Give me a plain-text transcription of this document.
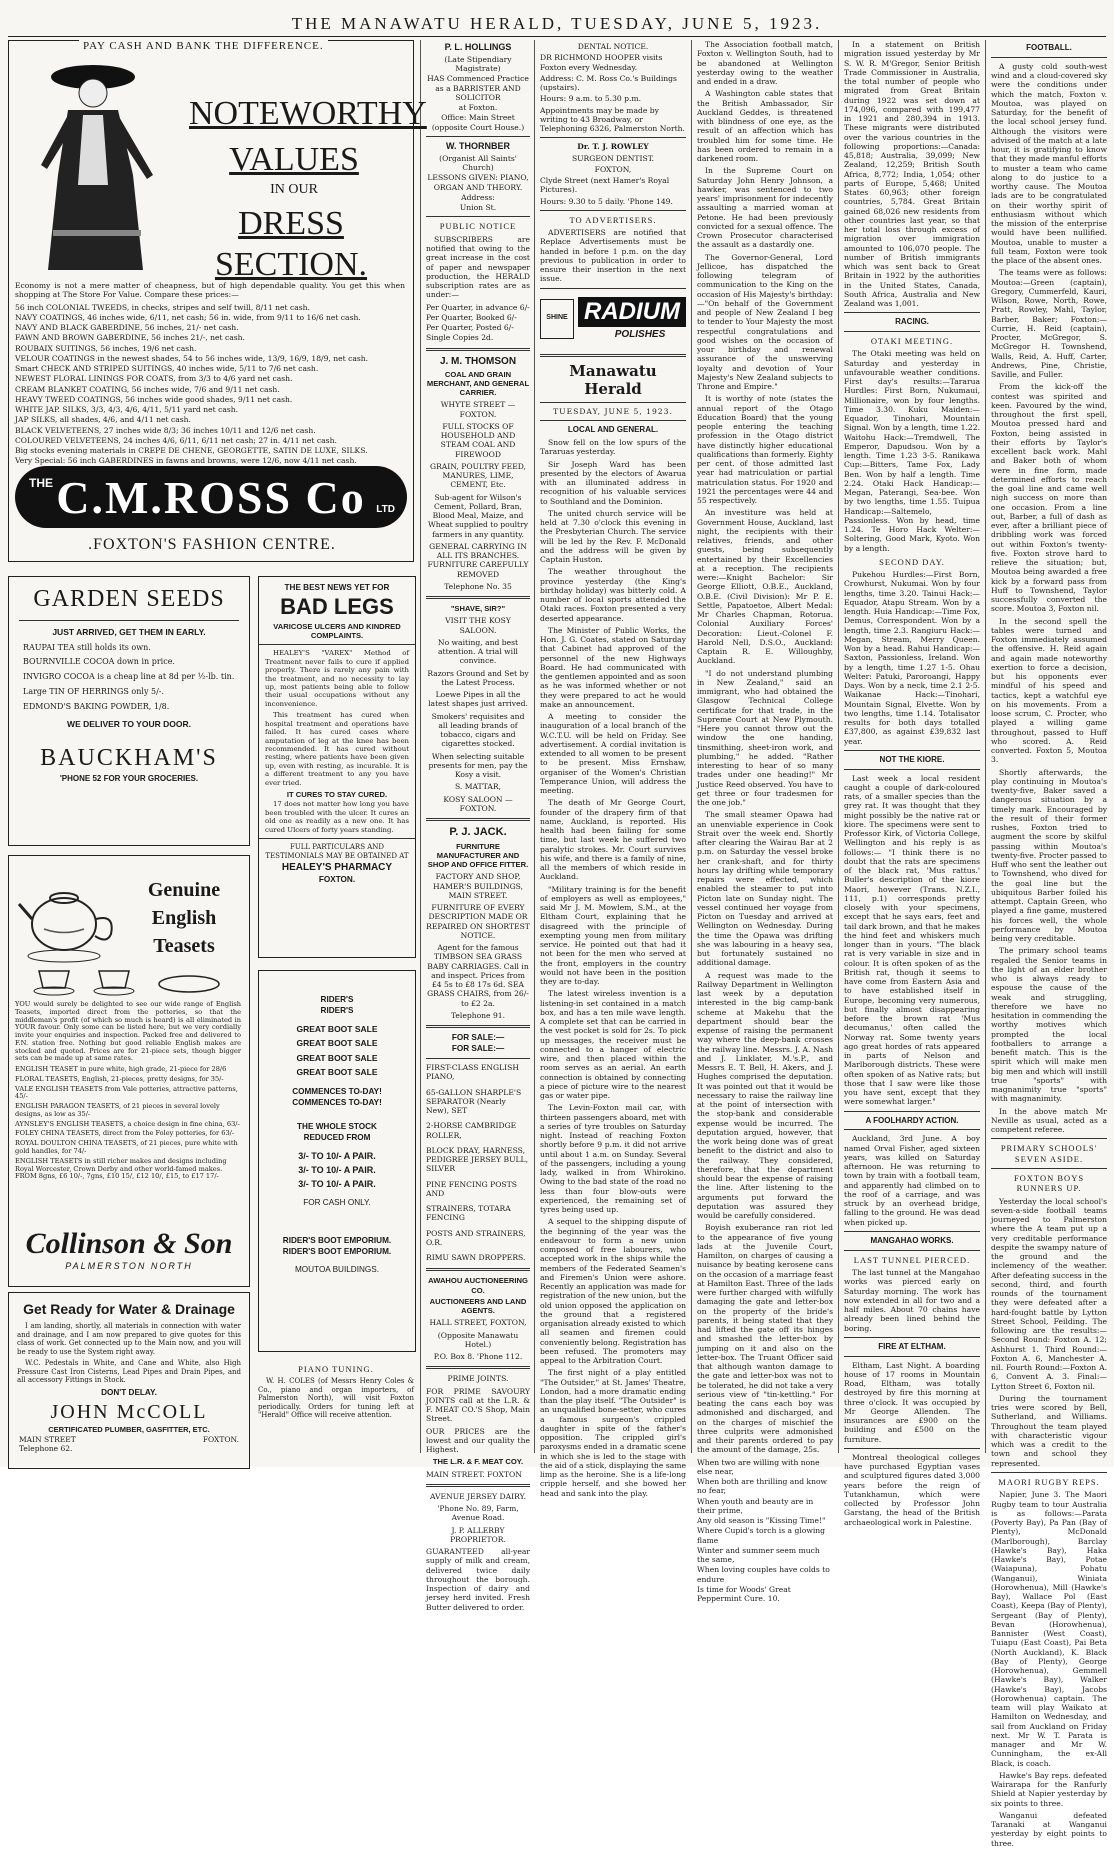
THE MANAWATU HERALD, TUESDAY, JUNE 5, 1923.
PAY CASH AND BANK THE DIFFERENCE.
NOTEWORTHY
VALUES
IN OUR
DRESS SECTION.

Economy is not a mere matter of cheapness, but of high dependable quality. You get this when shopping at The Store For Value. Compare these prices:—

56 inch COLONIAL TWEEDS, in checks, stripes and self twill, 8/11 net cash.
NAVY COATINGS, 46 inches wide, 6/11, net cash; 56 in. wide, from 9/11 to 16/6 net cash.
NAVY AND BLACK GABERDINE, 56 inches, 21/- net cash.
FAWN AND BROWN GABERDINE, 56 inches 21/-, net cash.
ROUBAIX SUITINGS, 56 inches, 19/6 net cash.
VELOUR COATINGS in the newest shades, 54 to 56 inches wide, 13/9, 16/9, 18/9, net cash.
Smart CHECK AND STRIPED SUITINGS, 40 inches wide, 5/11 to 7/6 net cash.
NEWEST FLORAL LININGS FOR COATS, from 3/3 to 4/6 yard net cash.
CREAM BLANKET COATING, 56 inches wide, 7/6 and 9/11 net cash.
HEAVY TWEED COATINGS, 56 inches wide good shades, 9/11 net cash.
WHITE JAP. SILKS, 3/3, 4/3, 4/6, 4/11, 5/11 yard net cash.
JAP SILKS, all shades, 4/6, and 4/11 net cash.
BLACK VELVETEENS, 27 inches wide 8/3; 36 inches 10/11 and 12/6 net cash.
COLOURED VELVETEENS, 24 inches 4/6, 6/11, 6/11 net cash; 27 in. 4/11 net cash.
Big stocks evening materials in CREPE DE CHENE, GEORGETTE, SATIN DE LUXE, SILKS.
Very Special: 56 inch GABERDINES in fawns and browns, were 12/6, now 4/11 net cash.
THE C.M.ROSS Co	LTD
.FOXTON'S FASHION CENTRE.
GARDEN SEEDS
JUST ARRIVED, GET THEM IN EARLY.
RAUPAI TEA still holds its own.
BOURNVILLE COCOA down in price.
INVIGRO COCOA is a cheap line at 8d per ½-lb. tin.
Large TIN OF HERRINGS only 5/-.
EDMOND'S BAKING POWDER, 1/8.
WE DELIVER TO YOUR DOOR.
BAUCKHAM'S
'PHONE 52 FOR YOUR GROCERIES.
Genuine
English
Teasets

YOU would surely be delighted to see our wide range of English Teasets, imported direct from the potteries, so that the middleman's profit (of which so much is heard) is all eliminated in YOUR favour. Only some can be listed here, but we very cordially invite your enquiries and inspection. Packed free and delivered to F.N. station free. Nothing but good reliable English makes are stocked and quoted. Prices are for 21-piece sets, though bigger sets can be made up at same rates.

ENGLISH TEASET in pure white, high grade, 21-piece for 28/6
FLORAL TEASETS, English, 21-pieces, pretty designs, for 35/-
VALE ENGLISH TEASETS from Vale potteries, attractive patterns, 45/-
ENGLISH PARAGON TEASETS, of 21 pieces in several lovely designs, as low as 35/-
AYNSLEY'S ENGLISH TEASETS, a choice design in fine china, 63/-
FOLEY CHINA TEASETS, direct from the Foley potteries, for 63/-
ROYAL DOULTON CHINA TEASETS, of 21 pieces, pure white with gold handles, for 74/-
ENGLISH TEASETS in still richer makes and designs including Royal Worcester, Crown Derby and other world-famed makes. FROM 8gns, £6 10/-, 7gns, £10 15/, £12 10/, £15, to £17 17/-
Collinson & Son
PALMERSTON NORTH
Get Ready for Water & Drainage

I am landing, shortly, all materials in connection with water and drainage, and I am now prepared to give quotes for this class of work. Get connected up to the Main now, and you will be ready to use the System right away.

W.C. Pedestals in White, and Cane and White, also High Pressure Cast Iron Cisterns, Lead Pipes and Drain Pipes, and all accessory Fittings in Stock.

DON'T DELAY.
JOHN McCOLL
CERTIFICATED PLUMBER, GASFITTER, ETC.
MAIN STREET	FOXTON.
Telephone 62.
THE BEST NEWS YET FOR
BAD LEGS
VARICOSE ULCERS AND KINDRED COMPLAINTS.

HEALEY'S "VAREX" Method of Treatment never fails to cure if applied properly. There is rarely any pain with the treatment, and no necessity to lay up, most patients being able to follow their usual occupations without any inconvenience.

This treatment has cured when hospital treatment and operations have failed. It has cured cases where amputation of leg at the knee has been recommended. It has cured without resting, where patients have been given up, even with resting, as incurable. It is a different treatment to any you have ever tried.

IT CURES TO STAY CURED.

17 does not matter how long you have been troubled with the ulcer. It cures an old one as readily as a new one. It has cured Ulcers of forty years standing.

FULL PARTICULARS AND TESTIMONIALS MAY BE OBTAINED AT
HEALEY'S PHARMACY
FOXTON.
RIDER'S
RIDER'S
GREAT BOOT SALE
GREAT BOOT SALE
GREAT BOOT SALE
GREAT BOOT SALE
COMMENCES TO-DAY!
COMMENCES TO-DAY!
THE WHOLE STOCK
REDUCED FROM
3/- TO 10/- A PAIR.
3/- TO 10/- A PAIR.
3/- TO 10/- A PAIR.
FOR CASH ONLY.
RIDER'S BOOT EMPORIUM.
RIDER'S BOOT EMPORIUM.
MOUTOA BUILDINGS.
PIANO TUNING.

W. H. COLES (of Messrs Henry Coles & Co., piano and organ importers, of Palmerston North), will visit Foxton periodically. Orders for tuning left at "Herald" Office will receive attention.

P. L. HOLLINGS
(Late Stipendiary Magistrate)
HAS Commenced Practice as a BARRISTER AND SOLICITOR
at Foxton.
Office: Main Street (opposite Court House.)
W. THORNBER
(Organist All Saints' Church)
LESSONS GIVEN: PIANO, ORGAN AND THEORY.
Address:
Union St.
PUBLIC NOTICE

SUBSCRIBERS are notified that owing to the great increase in the cost of paper and newspaper production, the HERALD subscription rates are as under:—

Per Quarter, in advance 6/-
Per Quarter, Booked 6/-
Per Quarter, Posted 6/-
Single Copies 2d.
J. M. THOMSON
COAL AND GRAIN MERCHANT, AND GENERAL CARRIER.
WHYTE STREET — FOXTON.
FULL STOCKS OF HOUSEHOLD AND STEAM COAL AND FIREWOOD
GRAIN, POULTRY FEED, MANURES, LIME, CEMENT, Etc.
Sub-agent for Wilson's Cement, Pollard, Bran, Blood Meal, Maize, and Wheat supplied to poultry farmers in any quantity.
GENERAL CARRYING IN ALL ITS BRANCHES. FURNITURE CAREFULLY REMOVED
Telephone No. 35
"SHAVE, SIR?"
VISIT THE KOSY SALOON.
No waiting, and best attention. A trial will convince.
Razors Ground and Set by the Latest Process.
Loewe Pipes in all the latest shapes just arrived.
Smokers' requisites and all leading brands of tobacco, cigars and cigarettes stocked.
When selecting suitable presents for men, pay the Kosy a visit.
S. MATTAR,
KOSY SALOON — FOXTON.
P. J. JACK.
FURNITURE MANUFACTURER AND SHOP AND OFFICE FITTER.
FACTORY AND SHOP, HAMER'S BUILDINGS, MAIN STREET.
FURNITURE OF EVERY DESCRIPTION MADE OR REPAIRED ON SHORTEST NOTICE.
Agent for the famous TIMBSON SEA GRASS BABY CARRIAGES. Call in and inspect. Prices from £4 5s to £8 17s 6d. SEA GRASS CHAIRS, from 26/- to £2 2a.
Telephone 91.
FOR SALE:—
FOR SALE:—
FIRST-CLASS ENGLISH PIANO,
65-GALLON SHARPLE'S SEPARATOR (Nearly New), SET
2-HORSE CAMBRIDGE ROLLER,
BLOCK DRAY, HARNESS, PEDIGREE JERSEY BULL, SILVER
PINE FENCING POSTS AND
STRAINERS, TOTARA FENCING
POSTS AND STRAINERS, O.R.
RIMU SAWN DROPPERS.
AWAHOU AUCTIONEERING CO.
AUCTIONEERS AND LAND AGENTS.
HALL STREET, FOXTON,
(Opposite Manawatu Hotel.)
P.O. Box 8. 'Phone 112.
PRIME JOINTS.
FOR PRIME SAVOURY JOINTS call at the L.R. & F. MEAT CO.'S Shop, Main Street.
OUR PRICES are the lowest and our quality the Highest.
THE L.R. & F. MEAT COY.
MAIN STREET. FOXTON
AVENUE JERSEY DAIRY.
'Phone No. 89, Farm, Avenue Road.
J. P. ALLERBY PROPRIETOR.
GUARANTEED all-year supply of milk and cream, delivered twice daily throughout the borough. Inspection of dairy and jersey herd invited. Fresh Butter delivered to order.
DENTAL NOTICE.
DR RICHMOND HOOPER visits Foxton every Wednesday.
Address: C. M. Ross Co.'s Buildings (upstairs).
Hours: 9 a.m. to 5.30 p.m.
Appointments may be made by writing to 43 Broadway, or Telephoning 6326, Palmerston North.
Dr. T. J. ROWLEY
SURGEON DENTIST.
FOXTON,
Clyde Street (next Hamer's Royal Pictures).
Hours: 9.30 to 5 daily. 'Phone 149.
TO ADVERTISERS.

ADVERTISERS are notified that Replace Advertisements must be handed in before 1 p.m. on the day previous to publication in order to ensure their insertion in the next issue.

SHINE RADIUM
POLISHES
Manawatu Herald
TUESDAY, JUNE 5, 1923.
LOCAL AND GENERAL.

Snow fell on the low spurs of the Tararuas yesterday.

Sir Joseph Ward has been presented by the electors of Awarua with an illuminated address in recognition of his valuable services to Southland and the Dominion.

The united church service will be held at 7.30 o'clock this evening in the Presbyterian Church. The service will be led by the Rev. F. McDonald and the address will be given by Captain Huston.

The weather throughout the province yesterday (the King's birthday holiday) was bitterly cold. A number of local sports attended the Otaki races. Foxton presented a very deserted appearance.

The Minister of Public Works, the Hon. J. G. Coates, stated on Saturday that Cabinet had approved of the personnel of the new Highways Board. He had communicated with the gentlemen appointed and as soon as he was informed whether or not they were prepared to act he would make an announcement.

A meeting to consider the inauguration of a local branch of the W.C.T.U. will be held on Friday. See advertisement. A cordial invitation is extended to all women to be present to be present. Miss Ernshaw, organiser of the Women's Christian Temperance Union, will address the meeting.

The death of Mr George Court, founder of the drapery firm of that name, Auckland, is reported. His health had been failing for some time, but last week he suffered two paralytic strokes. Mr. Court survives his wife, and there is a family of nine, all the members of which reside in Auckland.

"Military training is for the benefit of employers as well as employees," said Mr J. M. Mowlem, S.M., at the Eltham Court, explaining that he disagreed with the principle of exempting young men from military service. He pointed out that had it not been for the men who served at the front, employers in the country would not have been in the position they are to-day.

The latest wireless invention is a listening-in set contained in a match box, and has a ten mile wave length. A complete set that can be carried in the vest pocket is sold for 2s. To pick up messages, the receiver must be connected to a hanger of electric wire, and then placed within the room serves as an aerial. An earth connection is obtained by connecting a piece of picture wire to the nearest gas or water pipe.

The Levin-Foxton mail car, with thirteen passengers aboard, met with a series of tyre troubles on Saturday night. Instead of reaching Foxton shortly before 9 p.m. it did not arrive until about 1 a.m. on Sunday. Several of the passengers, including a young lady, walked in from Whirokino. Owing to the bad state of the road no less than four blow-outs were experienced, the remaining set of tyres being used up.

A sequel to the shipping dispute of the beginning of the year was the endeavour to form a new union composed of free labourers, who accepted work in the ships while the members of the Federated Seamen's and Firemen's Union were ashore. Recently an application was made for registration of the new union, but the old union opposed the application on the ground that a registered organisation already existed to which all seamen and firemen could conveniently belong. Registration has been refused. The promoters may appeal to the Arbitration Court.

The first night of a play entitled "The Outsider," at St. James' Theatre, London, had a more dramatic ending than the play itself. "The Outsider" is an unqualified bone-setter, who cures a famous surgeon's crippled daughter in spite of the father's opposition. The crippled girl's paroxysms ended in a dramatic scene in which she is led to the stage with the aid of a stick, displaying the same limp as the heroine. She is a life-long cripple herself, and she bowed her head and sank into the play.

The Association football match, Foxton v. Wellington South, had to be abandoned at Wellington yesterday owing to the weather and ended in a draw.

A Washington cable states that the British Ambassador, Sir Auckland Geddes, is threatened with blindness of one eye, as the result of an affection which has troubled him for some time. He has been ordered to remain in a darkened room.

In the Supreme Court on Saturday John Henry Johnson, a hawker, was sentenced to two years' imprisonment for indecently assaulting a married woman at Petone. He had been previously convicted for a sexual offence. The Crown Prosecutor characterised the assault as a dastardly one.

The Governor-General, Lord Jellicoe, has dispatched the following telegram of communication to the King on the occasion of His Majesty's birthday:—"On behalf of the Government and people of New Zealand I beg to tender to Your Majesty the most respectful congratulations and good wishes on the occasion of your birthday and renewal assurance of the unswerving loyalty and devotion of Your Majesty's New Zealand subjects to Throne and Empire."

It is worthy of note (states the annual report of the Otago Education Board) that the young people entering the teaching profession in the Otago district have distinctly higher educational qualifications than formerly. Eighty per cent. of those admitted last year had matriculation or partial matriculation status. For 1920 and 1921 the percentages were 44 and 55 respectively.

An investiture was held at Government House, Auckland, last night, the recipients with their relatives, friends, and other guests, being subsequently entertained by their Excellencies at a reception. The recipients were:—Knight Bachelor: Sir George Elliott, O.B.E., Auckland, O.B.E. (Civil Division): Mr P. E. Settle, Papatoetoe, Albert Medal: Mr Charles Chapman, Rotorua. Colonial Auxiliary Forces' Decoration: Lieut.-Colonel F. Harold Nell, D.S.O., Auckland: Captain R. E. Willoughby, Auckland.

"I do not understand plumbing in New Zealand," said an immigrant, who had obtained the Glasgow Technical College certificate for that trade, in the Supreme Court at New Plymouth. "Here you cannot throw out the window the one handing, tinsmithing, sheet-iron work, and plumbing," he added. "Rather interesting to hear of so many trades under one heading!" Mr Justice Reed observed. You have to get three or four tradesmen for the one job."

The small steamer Opawa had an unenviable experience in Cook Strait over the week end. Shortly after clearing the Wairau Bar at 2 p.m. on Saturday the vessel broke her crank-shaft, and for thirty hours lay drifting while temporary repairs were effected, which enabled the steamer to put into Picton late on Sunday night. The vessel continued her voyage from Picton on Tuesday and arrived at Wellington on Wednesday. During the time the Opawa was drifting she was labouring in a heavy sea, but fortunately sustained no additional damage.

A request was made to the Railway Department in Wellington last week by a deputation interested in the big camp-bank scheme at Makehu that the department should bear the expense of raising the permanent way where the deep-bank crosses the railway line. Messrs. J. A. Nash and J. Linklater, M.'s.P., and Messrs E. T. Bell, H. Akers, and J. Hughes comprised the deputation. It was pointed out that it would be necessary to raise the railway line at the point of intersection with the stop-bank and considerable expense would be incurred. The deputation argued, however, that the work being done was of great benefit to the district and also to the railway. They considered, therefore, that the department should bear the expense of raising the line. After listening to the arguments put forward the deputation was assured they would be carefully considered.

Boyish exuberance ran riot led to the appearance of five young lads at the Juvenile Court, Hamilton, on charges of causing a nuisance by beating kerosene cans on the occasion of a marriage feast at Hamilton East. Three of the lads were further charged with wilfully damaging the gate and letter-box on the property of the bride's parents, it being stated that they had lifted the gate off its hinges and smashed the letter-box by jumping on it and also on the letter-box. The Truant Officer said that although wanton damage to the gate and letter-box was not to be tolerated, he did not take a very serious view of "tin-kettling." For beating the cans each boy was admonished and discharged, and on the charges of mischief the three culprits were admonished and their parents ordered to pay the amount of the damage, 25s.

When two are willing with none else near,

When both are thrilling and know no fear,

When youth and beauty are in their prime,

Any old season is "Kissing Time!"

Where Cupid's torch is a glowing flame

Winter and summer seem much the same,

When loving couples have colds to endure

Is time for Woods' Great Peppermint Cure. 10.

In a statement on British migration issued yesterday by Mr S. W. R. M'Gregor, Senior British Trade Commissioner in Australia, the total number of people who migrated from Great Britain during 1922 was set down at 174,096, compared with 199,477 in 1921 and 280,394 in 1913. These migrants were distributed over the various countries in the following proportions:—Canada: 45,818; Australia, 39,099; New Zealand, 12,259; British South Africa, 8,772; India, 1,054; other parts of Europe, 5,468; United States 60,963; other foreign countries, 5,784. Great Britain gained 68,026 new residents from other countries last year, so that her total loss through excess of migration over immigration amounted to 106,070 people. The number of British immigrants which was sent back to Great Britain in 1922 by the authorities in the United States, Canada, South Africa, Australia and New Zealand was 1,001.

RACING.
OTAKI MEETING.

The Otaki meeting was held on Saturday and yesterday in unfavourable weather conditions. First day's results:—Tararua Hurdles: First Born, Nukumaui, Millionaire, won by four lengths. Time 3.30. Kuku Maiden:—Equador, Tinohari, Mountain Signal. Won by a length, time 1.22. Waitohu Hack:—Tremdwell, The Emperor, Dapudsou. Won by a length. Time 1.23 3-5. Ranikawa Cup:—Bitters, Tame Fox, Lady Ben. Won by half a length. Time 2.24. Otaki Hack Handicap:—Megan, Paterangi, Sea-bee. Won by two lengths, time 1.55. Tuipua Handicap:—Saltemelo, Passionless. Won by head, time 1.24. Te Horo Hack Welter:—Soltering, Good Mark, Kyoto. Won by a length.

SECOND DAY.

Pukehou Hurdles:—First Born, Crowhurst, Nukumai. Won by four lengths, time 3.20. Tainui Hack:—Equador, Atapu Stream. Won by a length. Huia Handicap:—Time Fox, Demus, Correspondent. Won by a length, time 2.3. Rangiuru Hack:—Megan, Stream, Merry Queen. Won by a head. Rahui Handicap:—Saxton, Passionless, Ireland. Won by a length, time 1.27 1-5. Ohau Welter: Patuki, Paroroangi, Happy Days. Won by a neck, time 2.1 2-5. Waikanae Hack:—Tinohari, Mountain Signal, Elvette. Won by two lengths, time 1.14. Totalisator results for both days totalled £37,800, as against £39,832 last year.

NOT THE KIORE.

Last week a local resident caught a couple of dark-coloured rats, of a smaller species than the grey rat. It was thought that they might possibly be the native rat or kiore. The specimens were sent to Professor Kirk, of Victoria College, Wellington and his reply is as follows:— "I think there is no doubt that the rats are specimens of the black rat, 'Mus rattus.' Buller's description of the kiore Maori, however (Trans. N.Z.I., 111, p.1) corresponds pretty closely with your specimens, except that he says ears, feet and tail dark brown, and that he makes the hind feet and whiskers much longer than in yours. "The black rat is very variable in size and in colour. It is often spoken of as the British rat, though it seems to have come from Eastern Asia and to have established itself in Europe, becoming very numerous, but finally almost disappearing before the brown rat 'Mus decumanus,' often called the Norway rat. Some twenty years ago great hordes of rats appeared in parts of Nelson and Marlborough districts. These were often spoken of as Native rats; but those that I saw were like those you have sent, except that they were somewhat larger."

A FOOLHARDY ACTION.

Auckland, 3rd June. A boy named Orval Fisher, aged sixteen years, was killed on Saturday afternoon. He was returning to town by train with a football team, and apparently had climbed on to the roof of a carriage, and was struck by an overhead bridge, falling to the ground. He was dead when picked up.

MANGAHAO WORKS.
LAST TUNNEL PIERCED.

The last tunnel at the Mangahao works was pierced early on Saturday morning. The work has now extended in all for two and a half miles. About 70 chains have already been lined behind the boring.

FIRE AT ELTHAM.

Eltham, Last Night. A boarding house of 17 rooms in Mountain Road, Eltham, was totally destroyed by fire this morning at three o'clock. It was occupied by Mr George Allenden. The insurances are £900 on the building and £500 on the furniture.

Montreal theological colleges have purchased Egyptian vases and sculptured figures dated 3,000 years before the reign of Tutankhamun, which were collected by Professor John Garstang, the head of the British archaeological work in Palestine.

FOOTBALL.

A gusty cold south-west wind and a cloud-covered sky were the conditions under which the match, Foxton v. Moutoa, was played on Saturday, for the benefit of the local school jersey fund. Although the visitors were advised of the match at a late hour, it is gratifying to know that they made manful efforts to muster a team who came along to do justice to a worthy cause. The Moutoa lads are to be congratulated on their worthy spirit of enthusiasm without which the mission of the enterprise would have been nullified. Moutoa, unable to muster a full team, Foxton were took the place of the absent ones.

The teams were as follows: Moutoa:—Green (captain), Gregory, Cummerfeld, Kauri, Wilson, Rowe, North, Rowe, Pratt, Rowley, Mahl, Taylor, Barber, Baker; Foxton:—Currie, H. Reid (captain), Procter, McGregor, S. McGregor H. Townshend, Walls, Reid, A. Huff, Carter, Andrews, Pine, Christie, Saville, and Fuller.

From the kick-off the contest was spirited and keen. Favoured by the wind, throughout the first spell, Moutoa pressed hard and Foxton, being assisted in their efforts by Taylor's excellent back work. Mahl and Baker both of whom were in fine form, made determined efforts to reach the goal line and came well nigh success on more than one occasion. From a line out, Barber, a full of dash as ever, after a brilliant piece of dribbling work was forced out within Foxton's twenty-five. Foxton strove hard to relieve the situation; but, Moutoa being awarded a free kick by a forward pass from Huff to Townshend, Taylor successfully converted the score. Moutoa 3, Foxton nil.

In the second spell the tables were turned and Foxton immediately assumed the offensive. H. Reid again and again made noteworthy exertion to force a decision, but his opponents ever mindful of his speed and tactics, kept a watchful eye on his movements. From a loose scrum, C. Procter, who played a willing game throughout, passed to Huff who scored. A. Reid converted. Foxton 5, Moutoa 3.

Shortly afterwards, the play continuing in Moutoa's twenty-five, Baker saved a dangerous situation by a timely mark. Encouraged by the result of their former rushes, Foxton tried to augment the score by skilful passing within Moutoa's twenty-five. Procter passed to Huff who sent the leather out to Townshend, who dived for the goal line but the ubiquitous Barber foiled his attempt. Captain Green, who played a fine game, mustered his forces well, the whole performance by Moutoa being very creditable.

The primary school teams regaled the Senior teams in the light of an elder brother who is always ready to espouse the cause of the weak and struggling, therefore we have no hesitation in commending the worthy motives which prompted the local footballers to arrange a benefit match. This is the spirit which will make men big men and which will instill true "sports" with magnanimity true "sports" with magnanimity.

In the above match Mr Neville as usual, acted as a competent referee.

PRIMARY SCHOOLS' SEVEN ASIDE.
FOXTON BOYS RUNNERS UP.

Yesterday the local school's seven-a-side football teams journeyed to Palmerston where the A team put up a very creditable performance despite the swampy nature of the ground and the inclemency of the weather. After defeating success in the second, third, and fourth rounds of the tournament they were defeated after a hard-fought battle by Lytton Street School, Feilding. The following are the results:— Second Round: Foxton A. 12; Ashhurst 1. Third Round:—Foxton A. 6, Manchester A. nil. Fourth Round:—Foxton A. 6, Convent A. 3. Final:—Lytton Street 6, Foxton nil.

During the tournament tries were scored by Bell, Sutherland, and Williams. Throughout the team played with characteristic vigour which was a credit to the town and school they represented.

MAORI RUGBY REPS.

Napier, June 3. The Maori Rugby team to tour Australia is as follows:—Parata (Poverty Bay), Pa Pan (Bay of Plenty), McDonald (Marlborough), Barclay (Hawke's Bay), Haka (Hawke's Bay), Potae (Waiapuna), Pohatu (Wanganui), Winiata (Horowhenua), Mill (Hawke's Bay), Wallace Pol (East Coast), Keepa (Bay of Plenty), Sergeant (Bay of Plenty), Bevan (Horowhenua), Bannister (West Coast), Tuiapu (East Coast), Pai Beta (North Auckland), K. Black (Bay of Plenty), George (Horowhenua), Gemmell (Hawke's Bay), Walker (Hawke's Bay), Jacobs (Horowhenua) captain. The team will play Waikato at Hamilton on Wednesday, and sail from Auckland on Friday next. Mr W. T. Parata is manager and Mr W. Cunningham, the ex-All Black, is coach.

Hawke's Bay reps. defeated Wairarapa for the Ranfurly Shield at Napier yesterday by six points to three.

Wanganui defeated Taranaki at Wanganui yesterday by eight points to three.
